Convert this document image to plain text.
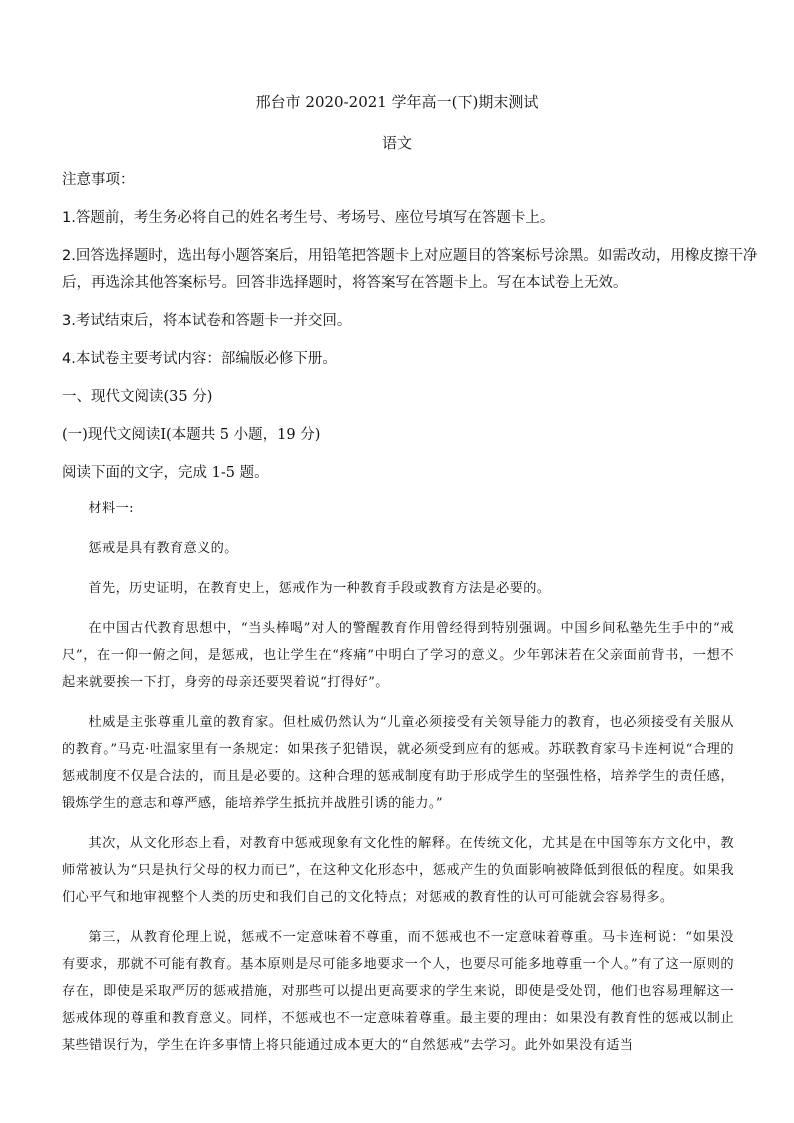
邢台市 2020-2021 学年高一(下)期末测试
语文
注意事项：
1.答题前，考生务必将自己的姓名考生号、考场号、座位号填写在答题卡上。
2.回答选择题时，选出每小题答案后，用铅笔把答题卡上对应题目的答案标号涂黑。如需改动，用橡皮擦干净
后，再选涂其他答案标号。回答非选择题时，将答案写在答题卡上。写在本试卷上无效。
3.考试结束后，将本试卷和答题卡一并交回。
4.本试卷主要考试内容：部编版必修下册。
一、现代文阅读(35 分)
(一)现代文阅读Ⅰ(本题共 5 小题，19 分)
阅读下面的文字，完成 1-5 题。

材料一:

惩戒是具有教育意义的。

首先，历史证明，在教育史上，惩戒作为一种教育手段或教育方法是必要的。

在中国古代教育思想中，“当头棒喝”对人的警醒教育作用曾经得到特别强调。中国乡间私塾先生手中的“戒尺”，在一仰一俯之间，是惩戒，也让学生在“疼痛”中明白了学习的意义。少年郭沫若在父亲面前背书，一想不起来就要挨一下打，身旁的母亲还要哭着说“打得好”。

杜威是主张尊重儿童的教育家。但杜威仍然认为“儿童必须接受有关领导能力的教育，也必须接受有关服从的教育。”马克·吐温家里有一条规定：如果孩子犯错误，就必须受到应有的惩戒。苏联教育家马卡连柯说“合理的惩戒制度不仅是合法的，而且是必要的。这种合理的惩戒制度有助于形成学生的坚强性格，培养学生的责任感，锻炼学生的意志和尊严感，能培养学生抵抗并战胜引诱的能力。”

其次，从文化形态上看，对教育中惩戒现象有文化性的解释。在传统文化，尤其是在中国等东方文化中，教师常被认为“只是执行父母的权力而已”，在这种文化形态中，惩戒产生的负面影响被降低到很低的程度。如果我们心平气和地审视整个人类的历史和我们自己的文化特点；对惩戒的教育性的认可可能就会容易得多。

第三，从教育伦理上说，惩戒不一定意味着不尊重，而不惩戒也不一定意味着尊重。马卡连柯说：“如果没有要求，那就不可能有教育。基本原则是尽可能多地要求一个人，也要尽可能多地尊重一个人。”有了这一原则的存在，即使是采取严厉的惩戒措施，对那些可以提出更高要求的学生来说，即使是受处罚，他们也容易理解这一惩戒体现的尊重和教育意义。同样，不惩戒也不一定意味着尊重。最主要的理由：如果没有教育性的惩戒以制止某些错误行为，学生在许多事情上将只能通过成本更大的“自然惩戒”去学习。此外如果没有适当
